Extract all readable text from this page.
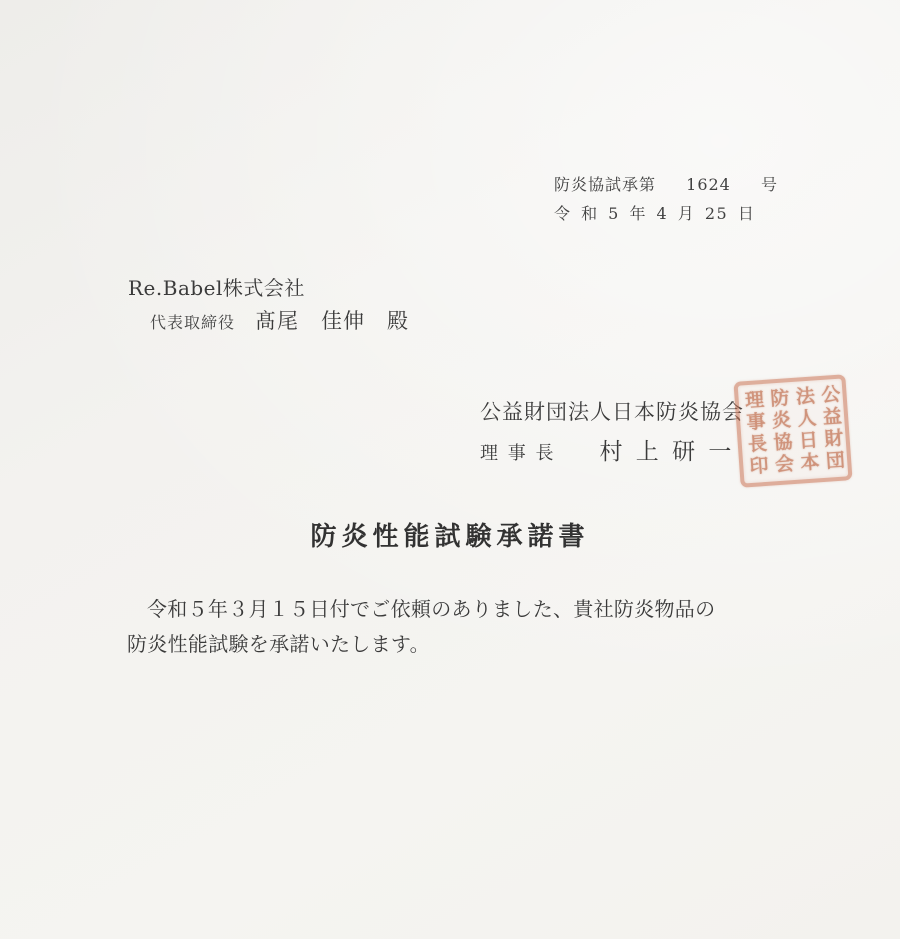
防炎協試承第 1624 号
令 和 5 年 4 月 25 日
Re.Babel株式会社
代表取締役 髙尾　佳伸　殿
公益財団法人日本防炎協会
理 事 長 村 上 研 一	公益財団
法人日本
防炎協会
理事長印
防炎性能試験承諾書
令和５年３月１５日付でご依頼のありました、貴社防炎物品の
防炎性能試験を承諾いたします。
